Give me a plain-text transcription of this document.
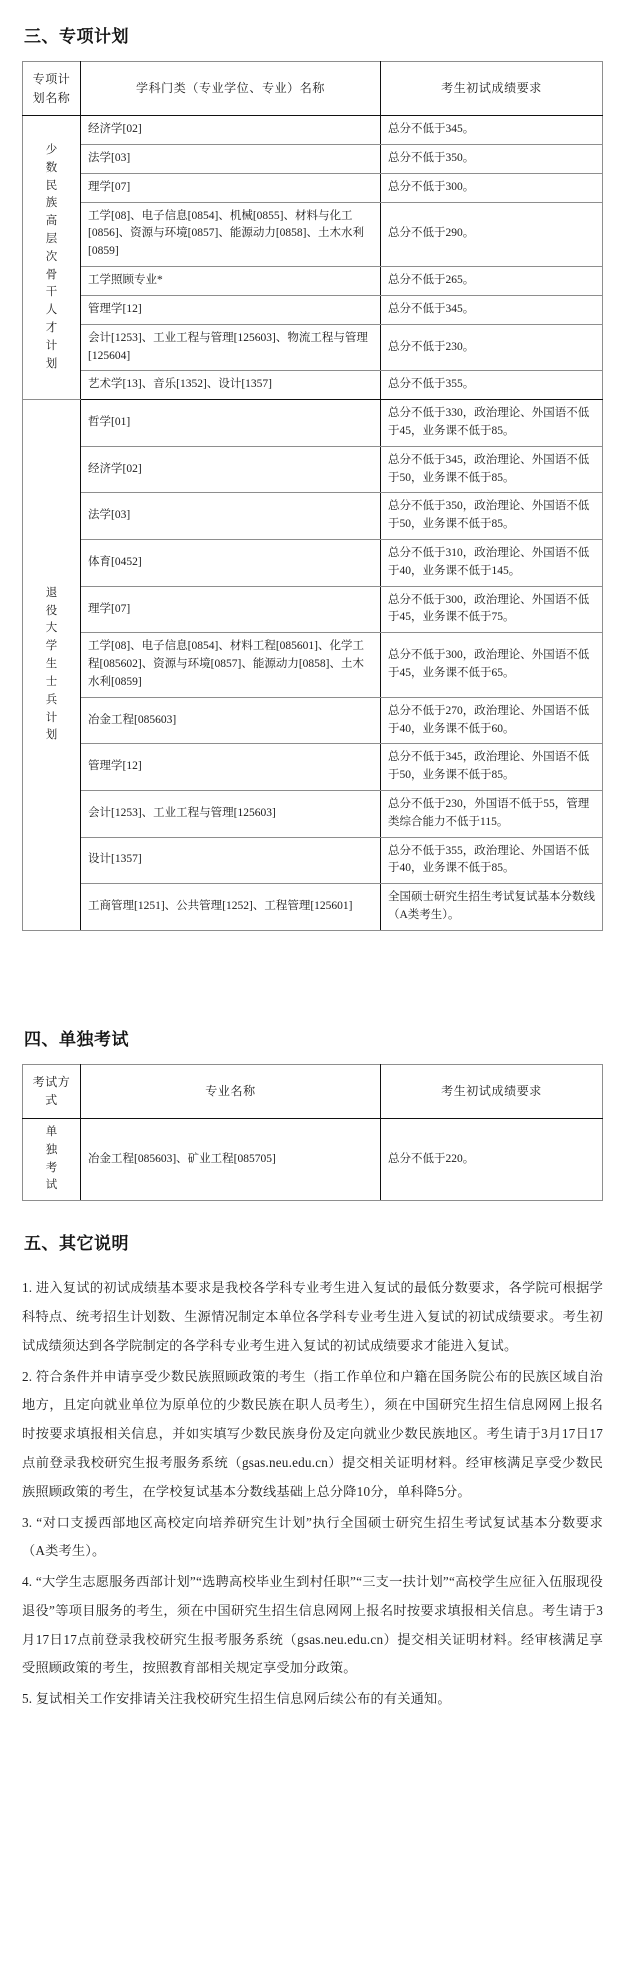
三、专项计划
专项计划名称	学科门类（专业学位、专业）名称	考生初试成绩要求

少
数
民
族
高
层
次
骨
干
人
才
计
划
	经济学[02]	总分不低于345。
	法学[03]	总分不低于350。
	理学[07]	总分不低于300。
	工学[08]、电子信息[0854]、机械[0855]、材料与化工[0856]、资源与环境[0857]、能源动力[0858]、土木水利[0859]	总分不低于290。
	工学照顾专业*	总分不低于265。
	管理学[12]	总分不低于345。
	会计[1253]、工业工程与管理[125603]、物流工程与管理[125604]	总分不低于230。
	艺术学[13]、音乐[1352]、设计[1357]	总分不低于355。

退
役
大
学
生
士
兵
计
划
	哲学[01]	总分不低于330，政治理论、外国语不低于45，业务课不低于85。
	经济学[02]	总分不低于345，政治理论、外国语不低于50，业务课不低于85。
	法学[03]	总分不低于350，政治理论、外国语不低于50，业务课不低于85。
	体育[0452]	总分不低于310，政治理论、外国语不低于40，业务课不低于145。
	理学[07]	总分不低于300，政治理论、外国语不低于45，业务课不低于75。
	工学[08]、电子信息[0854]、材料工程[085601]、化学工程[085602]、资源与环境[0857]、能源动力[0858]、土木水利[0859]	总分不低于300，政治理论、外国语不低于45，业务课不低于65。
	冶金工程[085603]	总分不低于270，政治理论、外国语不低于40，业务课不低于60。
	管理学[12]	总分不低于345，政治理论、外国语不低于50，业务课不低于85。
	会计[1253]、工业工程与管理[125603]	总分不低于230，外国语不低于55，管理类综合能力不低于115。
	设计[1357]	总分不低于355，政治理论、外国语不低于40，业务课不低于85。
	工商管理[1251]、公共管理[1252]、工程管理[125601]	全国硕士研究生招生考试复试基本分数线（A类考生）。
四、单独考试
考试方式	专业名称	考生初试成绩要求

单
独
考
试	冶金工程[085603]、矿业工程[085705]	总分不低于220。
五、其它说明

1. 进入复试的初试成绩基本要求是我校各学科专业考生进入复试的最低分数要求，各学院可根据学科特点、统考招生计划数、生源情况制定本单位各学科专业考生进入复试的初试成绩要求。考生初试成绩须达到各学院制定的各学科专业考生进入复试的初试成绩要求才能进入复试。

2. 符合条件并申请享受少数民族照顾政策的考生（指工作单位和户籍在国务院公布的民族区域自治地方，且定向就业单位为原单位的少数民族在职人员考生），须在中国研究生招生信息网网上报名时按要求填报相关信息，并如实填写少数民族身份及定向就业少数民族地区。考生请于3月17日17点前登录我校研究生报考服务系统（gsas.neu.edu.cn）提交相关证明材料。经审核满足享受少数民族照顾政策的考生，在学校复试基本分数线基础上总分降10分，单科降5分。

3. “对口支援西部地区高校定向培养研究生计划”执行全国硕士研究生招生考试复试基本分数要求（A类考生）。

4. “大学生志愿服务西部计划”“选聘高校毕业生到村任职”“三支一扶计划”“高校学生应征入伍服现役退役”等项目服务的考生，须在中国研究生招生信息网网上报名时按要求填报相关信息。考生请于3月17日17点前登录我校研究生报考服务系统（gsas.neu.edu.cn）提交相关证明材料。经审核满足享受照顾政策的考生，按照教育部相关规定享受加分政策。

5. 复试相关工作安排请关注我校研究生招生信息网后续公布的有关通知。
